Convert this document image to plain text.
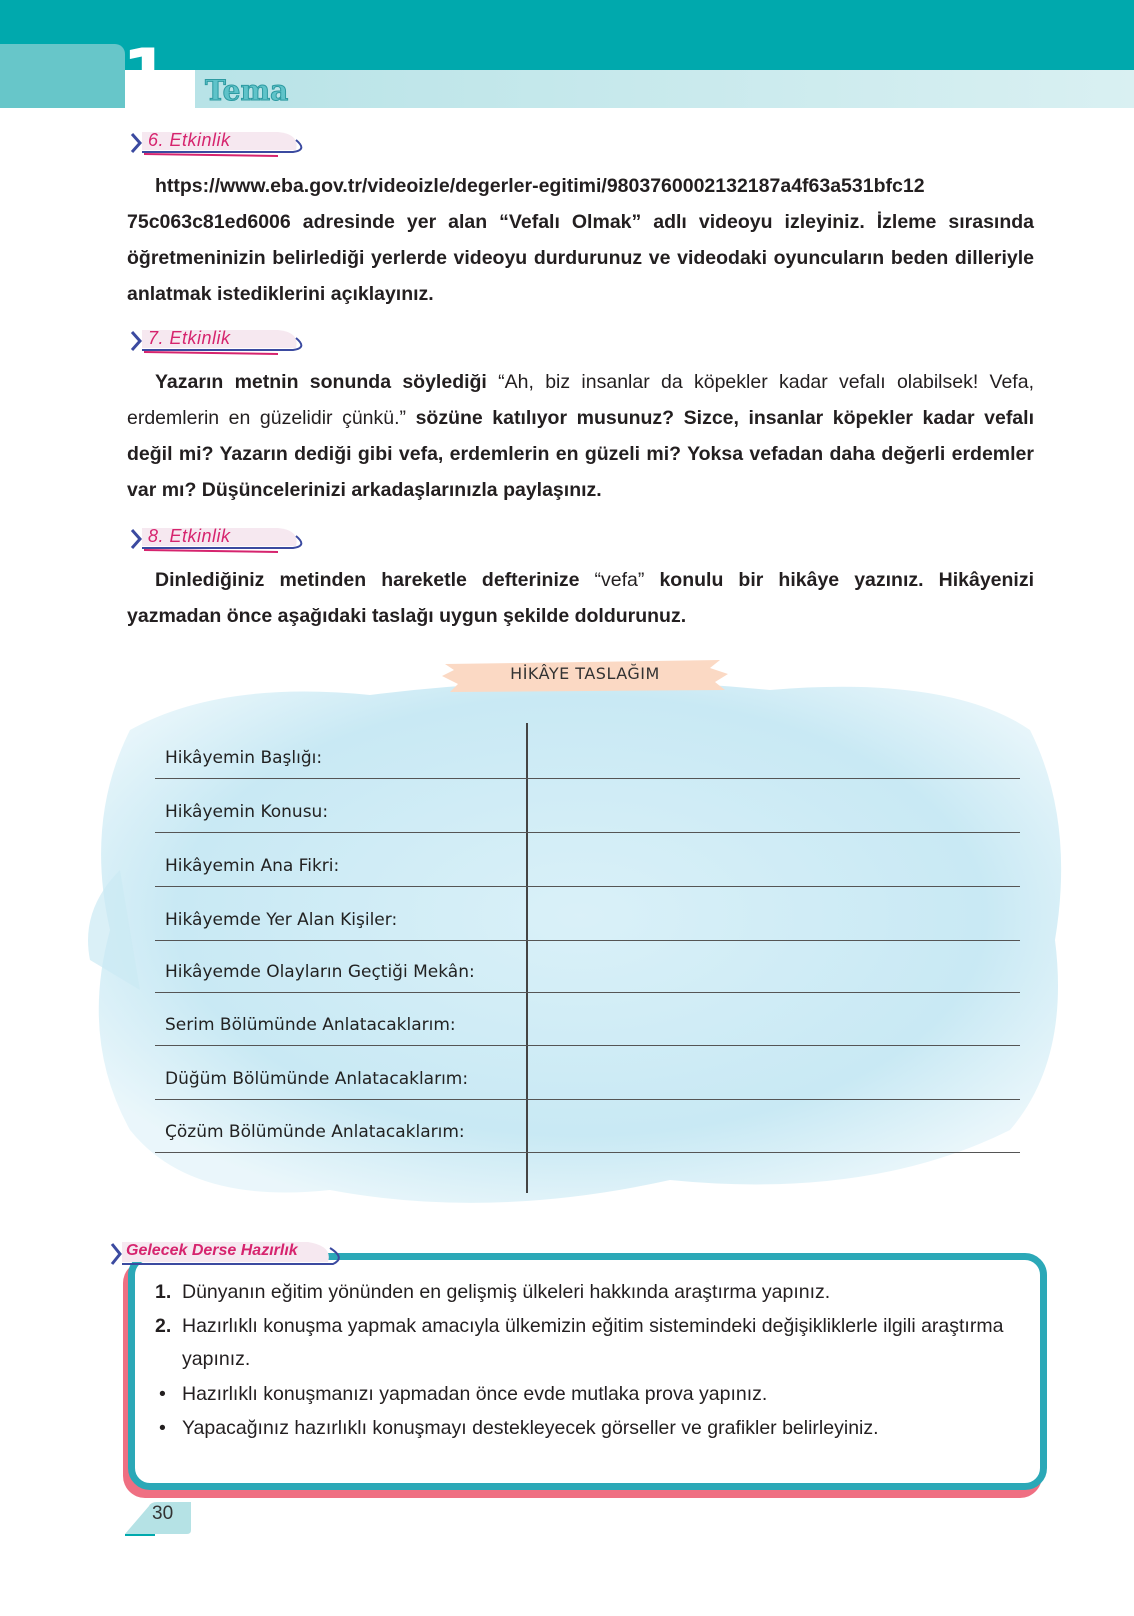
1. Tema
6. Etkinlik
https://www.eba.gov.tr/videoizle/degerler-egitimi/9803760002132187a4f63a531bfc12 75c063c81ed6006 adresinde yer alan “Vefalı Olmak” adlı videoyu izleyiniz. İzleme sırasında öğretmeninizin belirlediği yerlerde videoyu durdurunuz ve videodaki oyuncuların beden dilleriyle anlatmak istediklerini açıklayınız.
7. Etkinlik
Yazarın metnin sonunda söylediği “Ah, biz insanlar da köpekler kadar vefalı olabilsek! Vefa, erdemlerin en güzelidir çünkü.” sözüne katılıyor musunuz? Sizce, insanlar köpekler kadar vefalı değil mi? Yazarın dediği gibi vefa, erdemlerin en güzeli mi? Yoksa vefadan daha değerli erdemler var mı? Düşüncelerinizi arkadaşlarınızla paylaşınız.
8. Etkinlik
Dinlediğiniz metinden hareketle defterinize “vefa” konulu bir hikâye yazınız. Hikâyenizi yazmadan önce aşağıdaki taslağı uygun şekilde doldurunuz.
HİKÂYE TASLAĞIM
Hikâyemin Başlığı:
Hikâyemin Konusu:
Hikâyemin Ana Fikri:
Hikâyemde Yer Alan Kişiler:
Hikâyemde Olayların Geçtiği Mekân:
Serim Bölümünde Anlatacaklarım:
Düğüm Bölümünde Anlatacaklarım:
Çözüm Bölümünde Anlatacaklarım:
Gelecek Derse Hazırlık
1. Dünyanın eğitim yönünden en gelişmiş ülkeleri hakkında araştırma yapınız.
2. Hazırlıklı konuşma yapmak amacıyla ülkemizin eğitim sistemindeki değişikliklerle ilgili araştırma yapınız.
• Hazırlıklı konuşmanızı yapmadan önce evde mutlaka prova yapınız.
• Yapacağınız hazırlıklı konuşmayı destekleyecek görseller ve grafikler belirleyiniz.
30
